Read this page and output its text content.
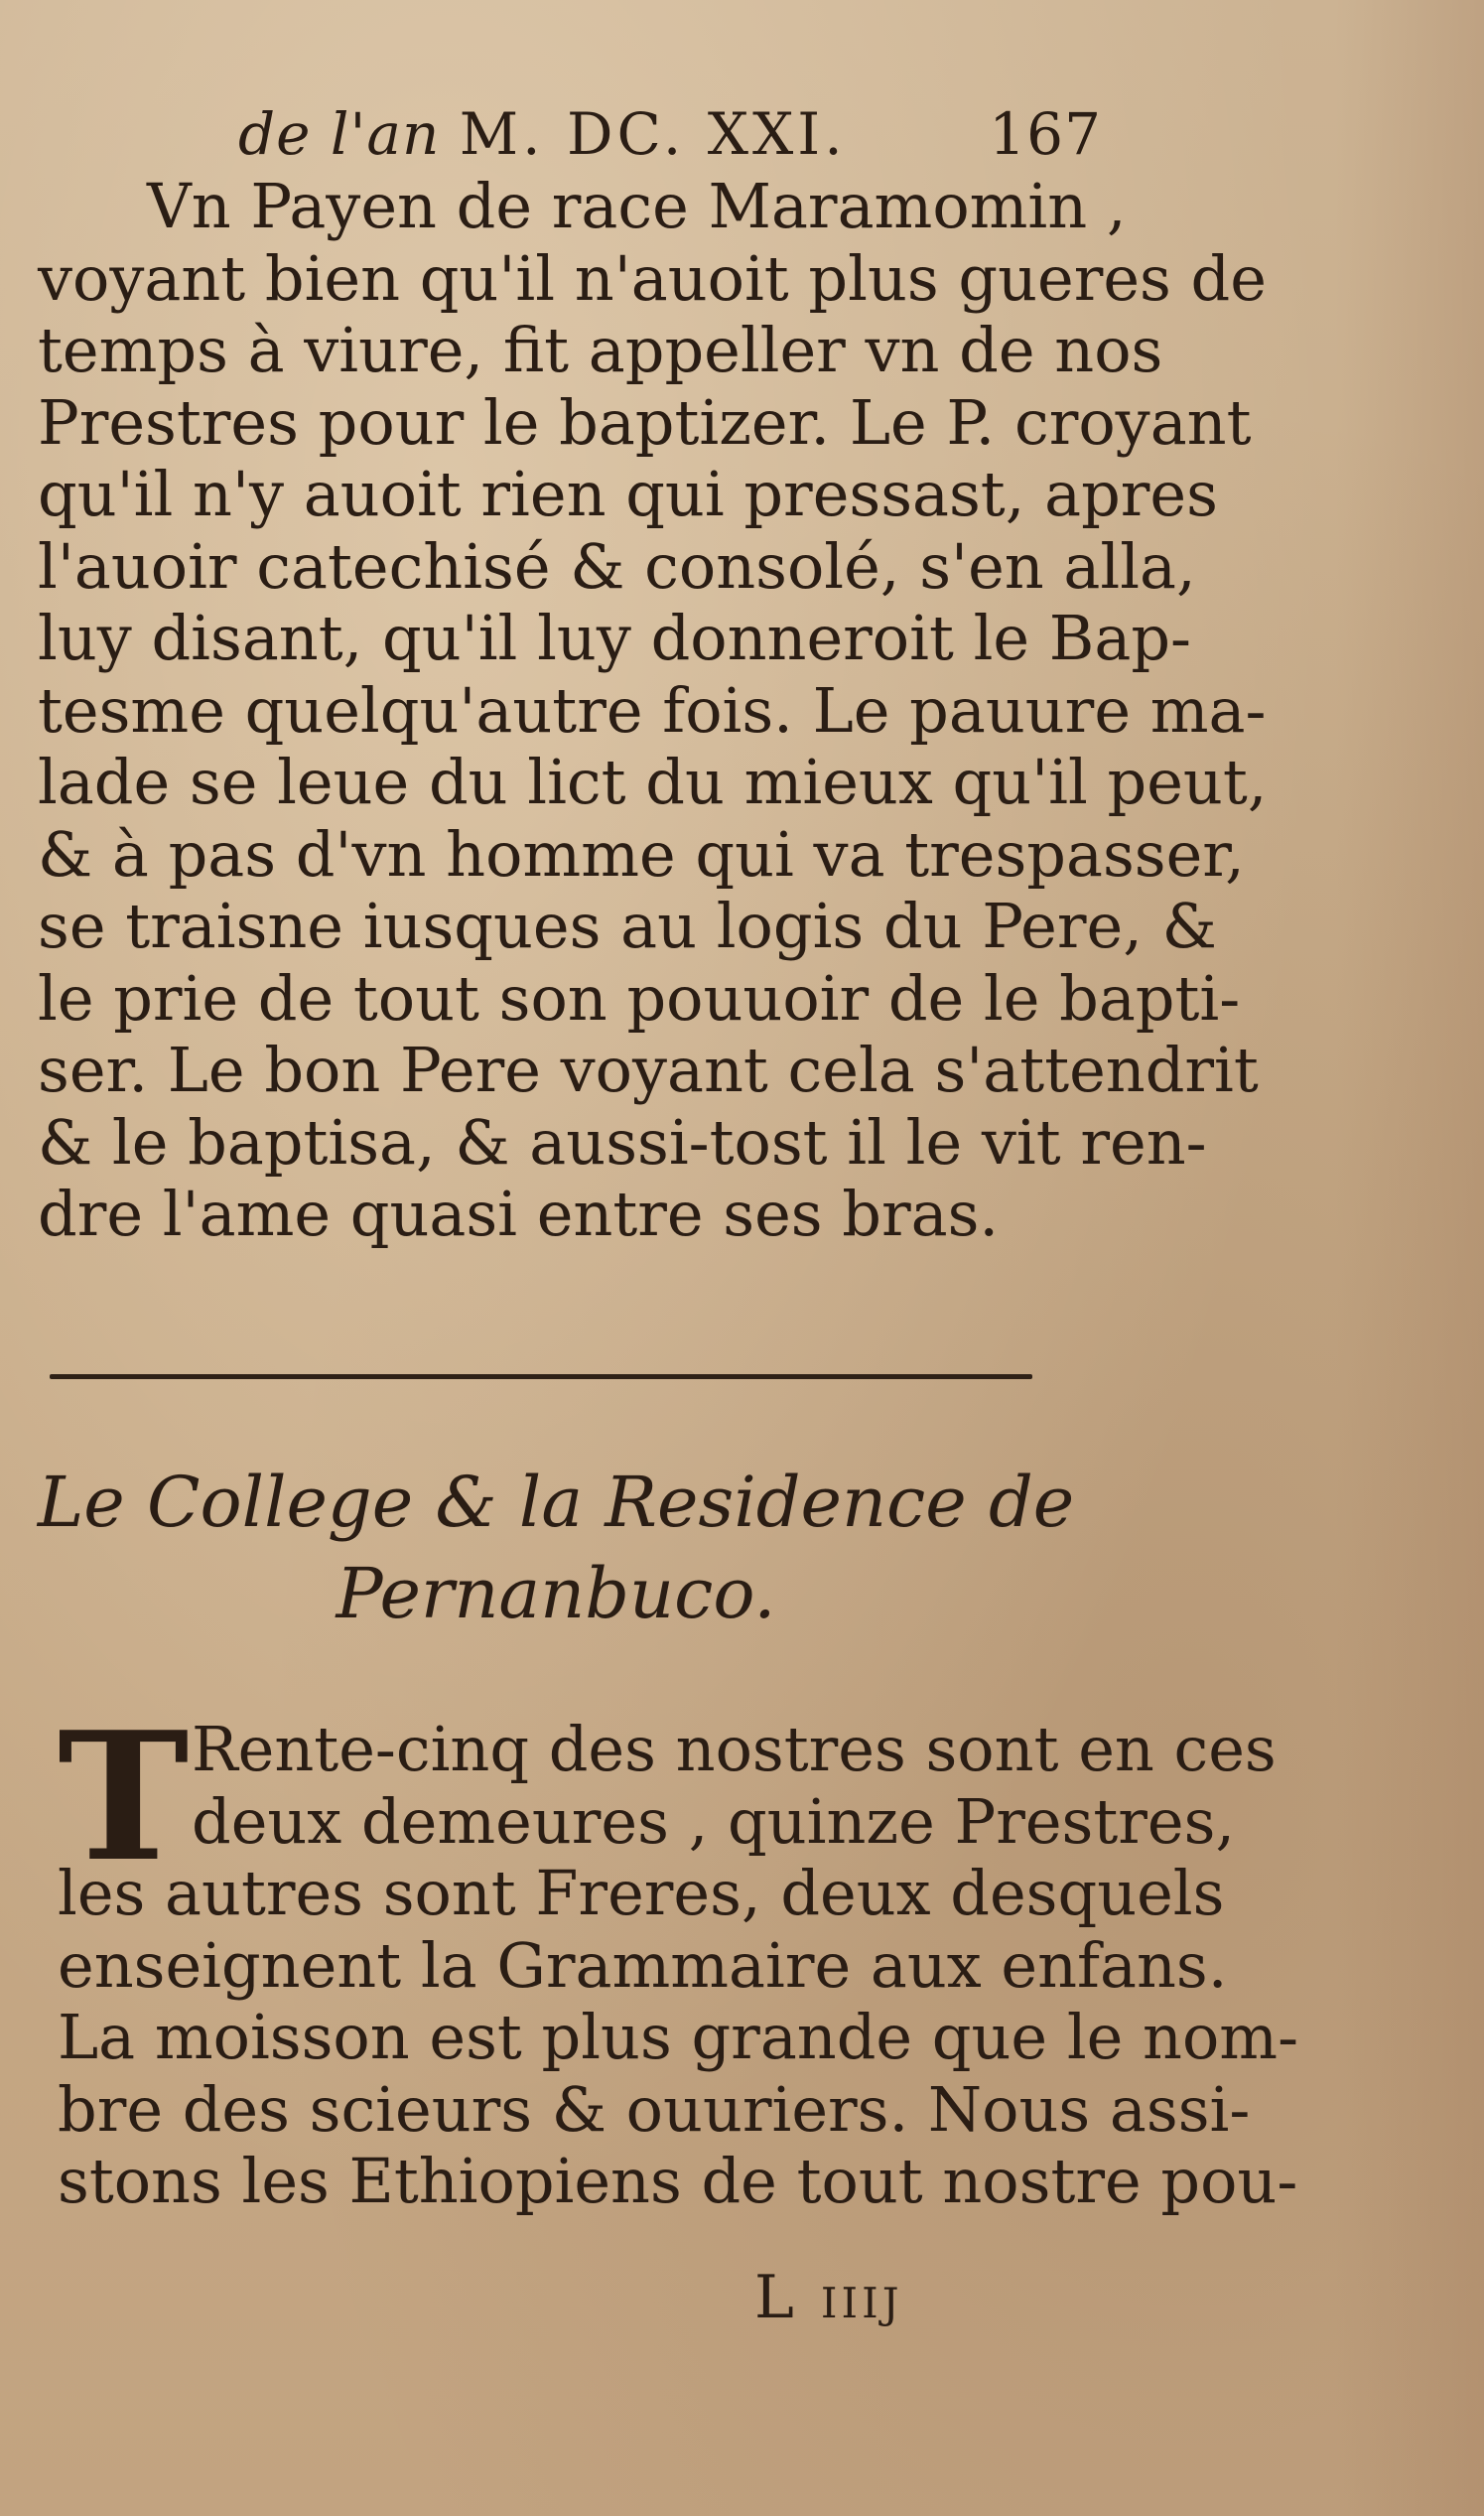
de l'an M. DC. XXI. 167
Vn Payen de race Maramomin ,
voyant bien qu'il n'auoit plus gueres de
temps à viure, fit appeller vn de nos
Prestres pour le baptizer. Le P. croyant
qu'il n'y auoit rien qui pressast, apres
l'auoir catechisé & consolé, s'en alla,
luy disant, qu'il luy donneroit le Bap-
tesme quelqu'autre fois. Le pauure ma-
lade se leue du lict du mieux qu'il peut,
& à pas d'vn homme qui va trespasser,
se traisne iusques au logis du Pere, &
le prie de tout son pouuoir de le bapti-
ser. Le bon Pere voyant cela s'attendrit
& le baptisa, & aussi-tost il le vit ren-
dre l'ame quasi entre ses bras.
Le College & la Residence de
Pernanbuco.
T Rente-cinq des nostres sont en ces
deux demeures , quinze Prestres,
les autres sont Freres, deux desquels
enseignent la Grammaire aux enfans.
La moisson est plus grande que le nom-
bre des scieurs & ouuriers. Nous assi-
stons les Ethiopiens de tout nostre pou-
L iiij
